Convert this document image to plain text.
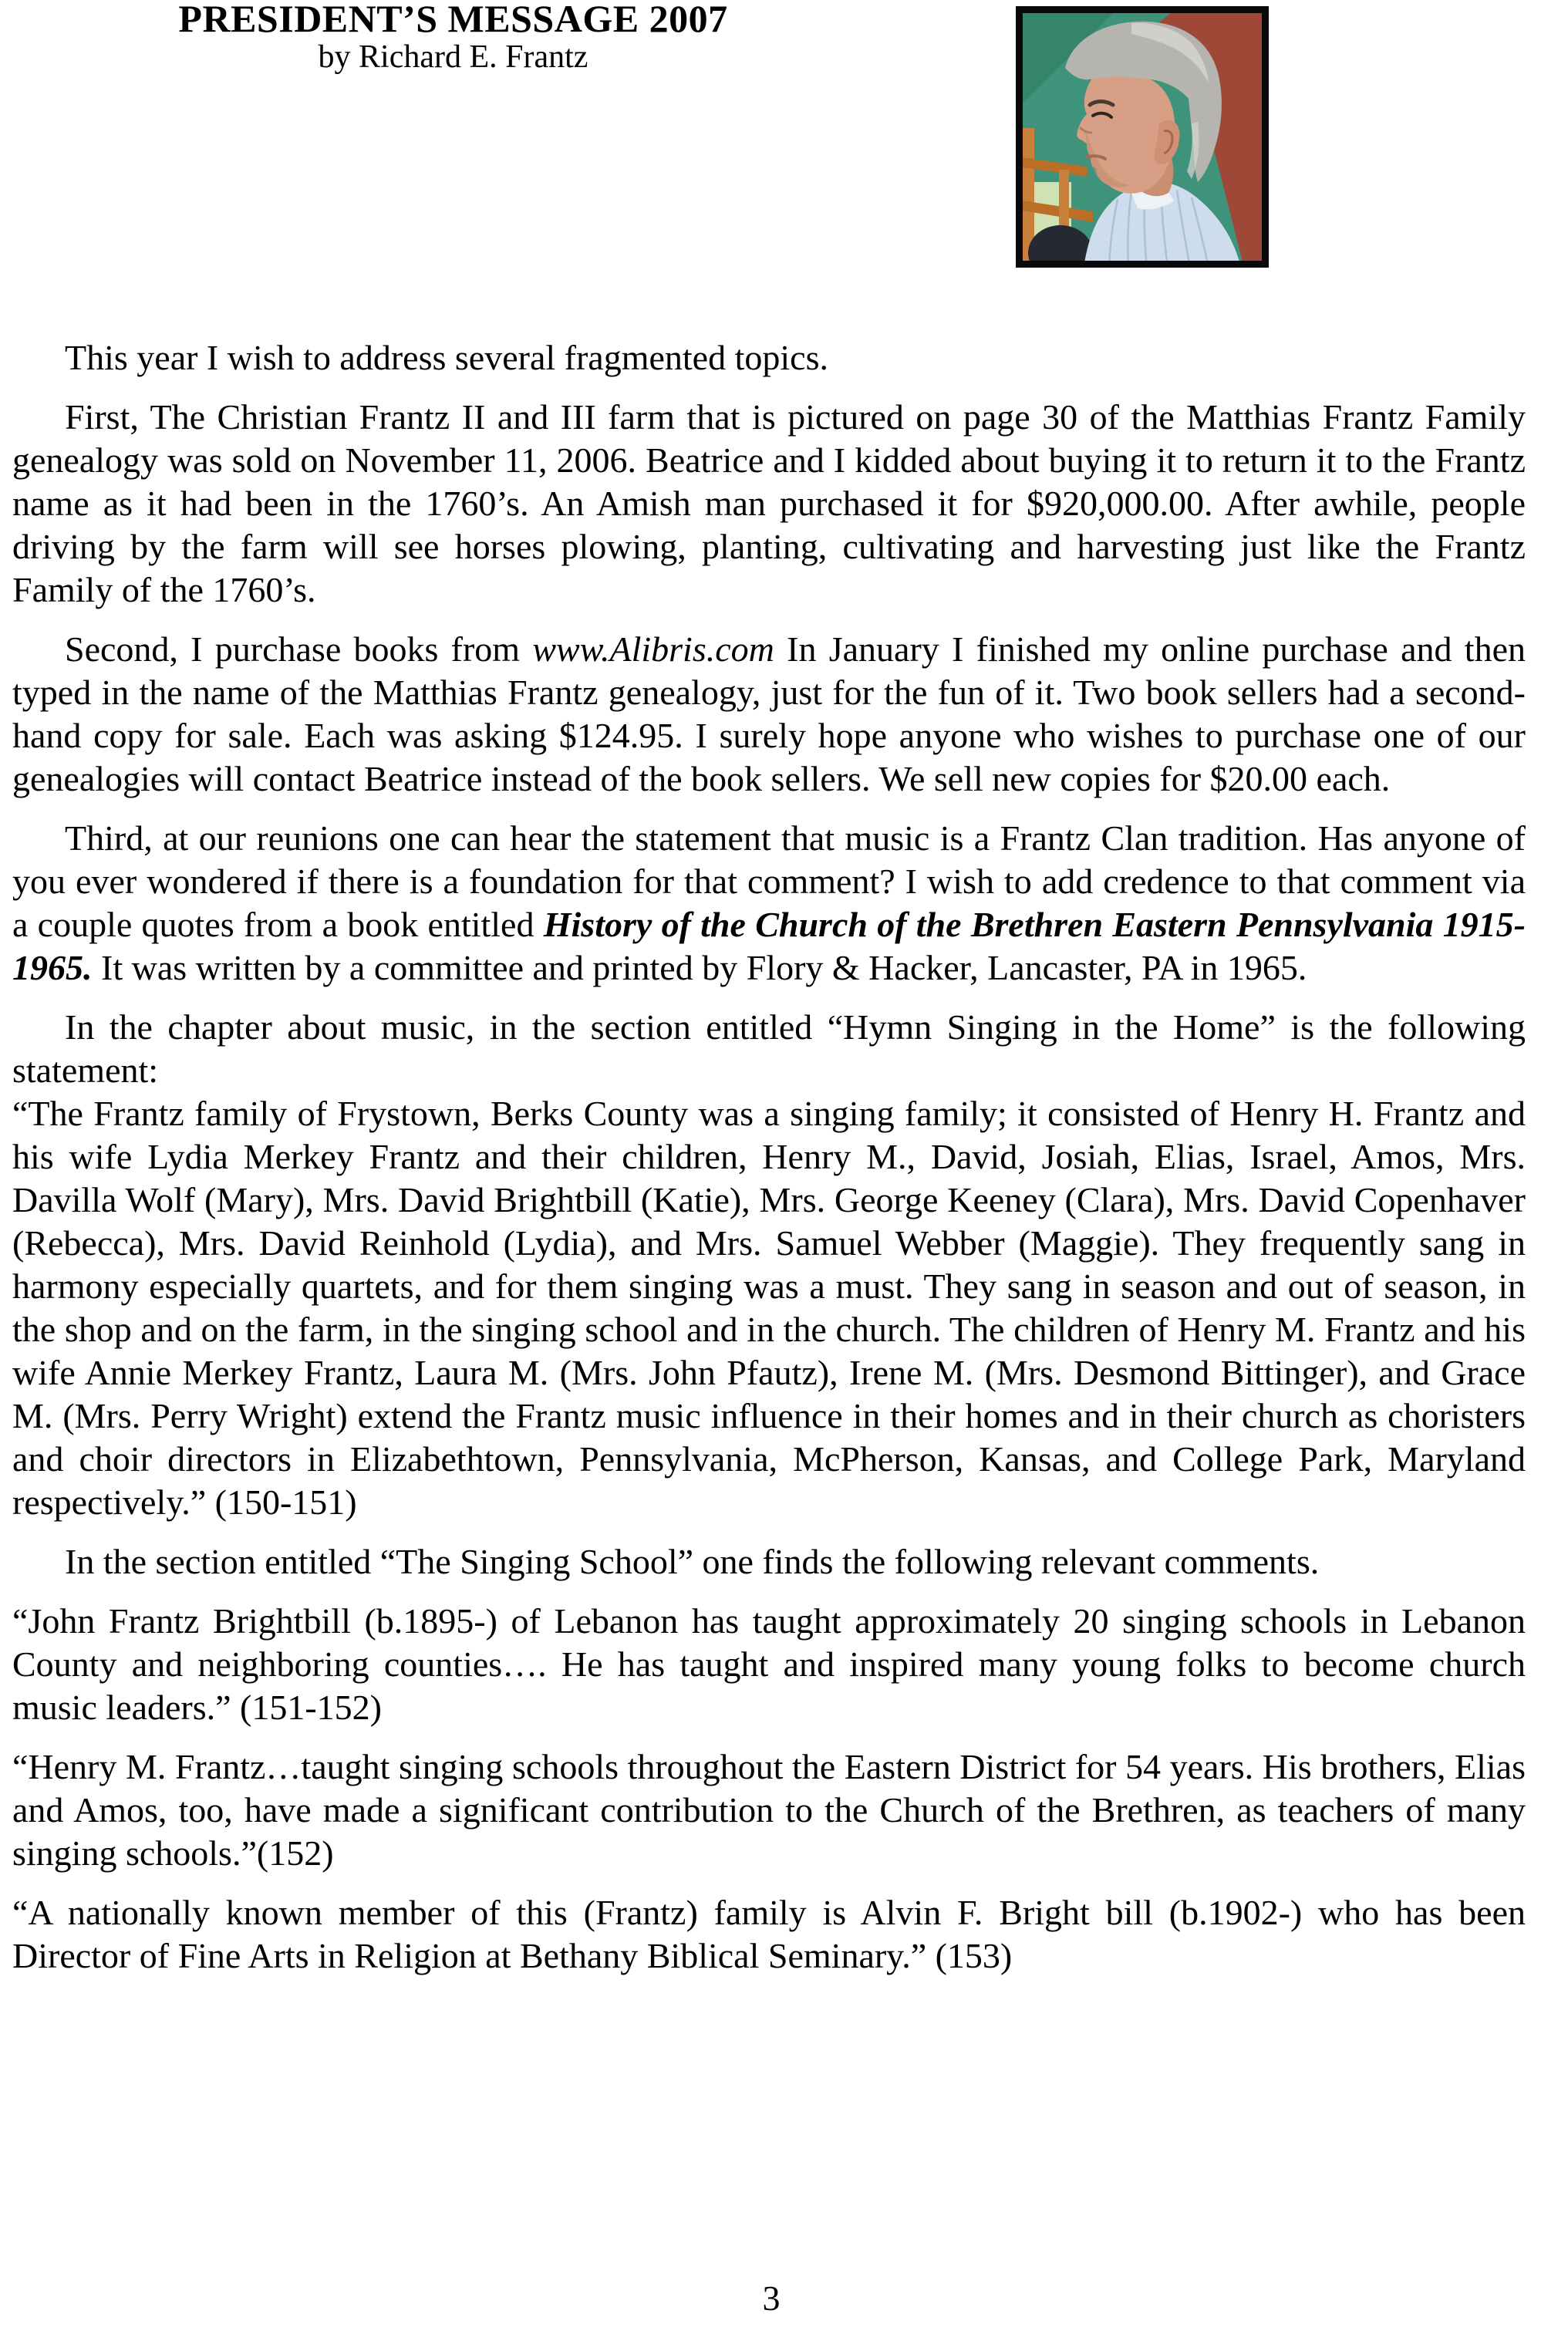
PRESIDENT’S MESSAGE 2007
by Richard E. Frantz

This year I wish to address several fragmented topics.

First, The Christian Frantz II and III farm that is pictured on page 30 of the Matthias Frantz Family genealogy was sold on November 11, 2006. Beatrice and I kidded about buying it to return it to the Frantz name as it had been in the 1760’s. An Amish man purchased it for $920,000.00. After awhile, people driving by the farm will see horses plowing, planting, cultivating and harvesting just like the Frantz Family of the 1760’s.

Second, I purchase books from www.Alibris.com In January I finished my online purchase and then typed in the name of the Matthias Frantz genealogy, just for the fun of it. Two book sellers had a second-hand copy for sale. Each was asking $124.95. I surely hope anyone who wishes to purchase one of our genealogies will contact Beatrice instead of the book sellers. We sell new copies for $20.00 each.

Third, at our reunions one can hear the statement that music is a Frantz Clan tradition. Has anyone of you ever wondered if there is a foundation for that comment? I wish to add credence to that comment via a couple quotes from a book entitled History of the Church of the Brethren Eastern Pennsylvania 1915-1965. It was written by a committee and printed by Flory & Hacker, Lancaster, PA in 1965.

In the chapter about music, in the section entitled “Hymn Singing in the Home” is the following statement:

“The Frantz family of Frystown, Berks County was a singing family; it consisted of Henry H. Frantz and his wife Lydia Merkey Frantz and their children, Henry M., David, Josiah, Elias, Israel, Amos, Mrs. Davilla Wolf (Mary), Mrs. David Brightbill (Katie), Mrs. George Keeney (Clara), Mrs. David Copenhaver (Rebecca), Mrs. David Reinhold (Lydia), and Mrs. Samuel Webber (Maggie). They frequently sang in harmony especially quartets, and for them singing was a must. They sang in season and out of season, in the shop and on the farm, in the singing school and in the church. The children of Henry M. Frantz and his wife Annie Merkey Frantz, Laura M. (Mrs. John Pfautz), Irene M. (Mrs. Desmond Bittinger), and Grace M. (Mrs. Perry Wright) extend the Frantz music influence in their homes and in their church as choristers and choir directors in Elizabethtown, Pennsylvania, McPherson, Kansas, and College Park, Maryland respectively.” (150-151)

In the section entitled “The Singing School” one finds the following relevant comments.

“John Frantz Brightbill (b.1895-) of Lebanon has taught approximately 20 singing schools in Lebanon County and neighboring counties…. He has taught and inspired many young folks to become church music leaders.” (151-152)

“Henry M. Frantz…taught singing schools throughout the Eastern District for 54 years. His brothers, Elias and Amos, too, have made a significant contribution to the Church of the Brethren, as teachers of many singing schools.”(152)

“A nationally known member of this (Frantz) family is Alvin F. Bright bill (b.1902-) who has been Director of Fine Arts in Religion at Bethany Biblical Seminary.” (153)

3
